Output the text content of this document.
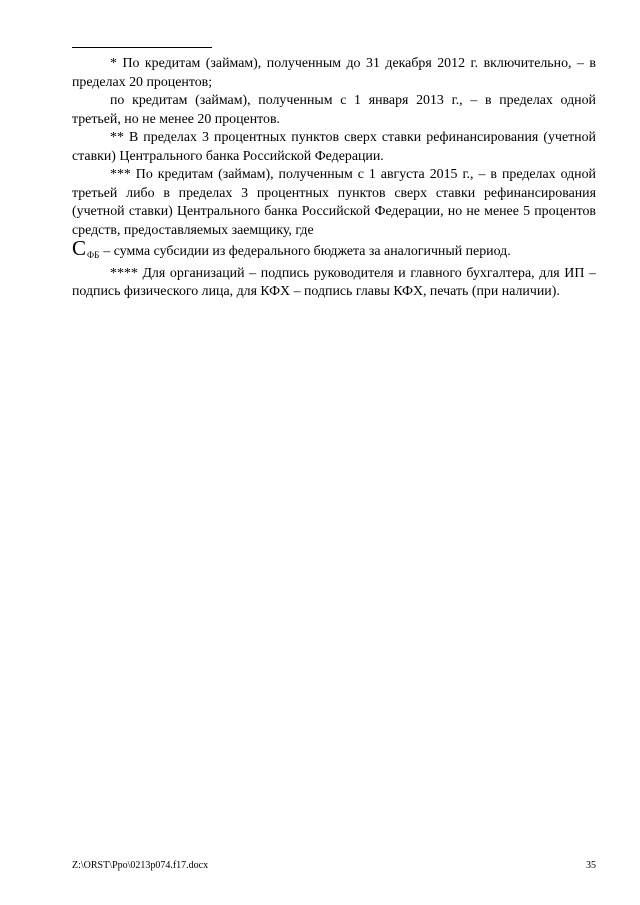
* По кредитам (займам), полученным до 31 декабря 2012 г. включительно, – в пределах 20 процентов;

по кредитам (займам), полученным с 1 января 2013 г., – в пределах одной третьей, но не менее 20 процентов.

** В пределах 3 процентных пунктов сверх ставки рефинансирования (учетной ставки) Центрального банка Российской Федерации.

*** По кредитам (займам), полученным с 1 августа 2015 г., – в пределах одной третьей либо в пределах 3 процентных пунктов сверх ставки рефинансирования (учетной ставки) Центрального банка Российской Федерации, но не менее 5 процентов средств, предоставляемых заемщику, где

$С_{ФБ}$ – сумма субсидии из федерального бюджета за аналогичный период.

**** Для организаций – подпись руководителя и главного бухгалтера, для ИП – подпись физического лица, для КФХ – подпись главы КФХ, печать (при наличии).

Z:\ORST\Ppo\0213p074.f17.docx	35
